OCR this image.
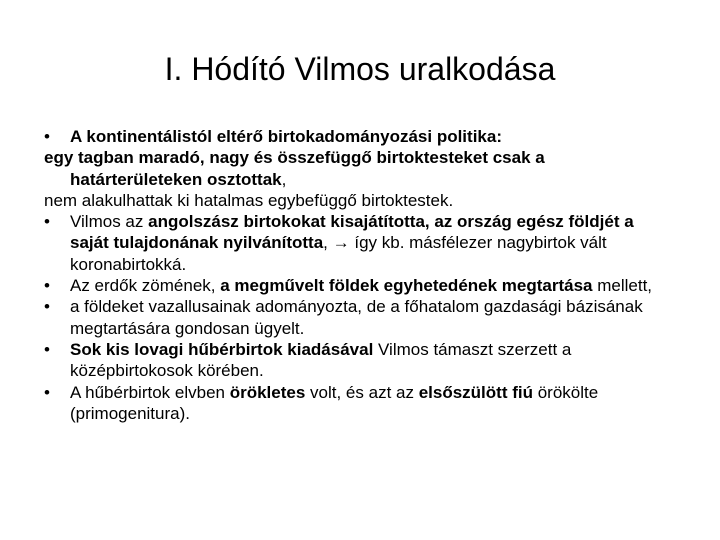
I. Hódító Vilmos uralkodása
• A kontinentálistól eltérő birtokadományozási politika:
egy tagban maradó, nagy és összefüggő birtoktesteket csak a határterületeken osztottak,
nem alakulhattak ki hatalmas egybefüggő birtoktestek.
• Vilmos az angolszász birtokokat kisajátította, az ország egész földjét a saját tulajdonának nyilvánította, → így kb. másfélezer nagybirtok vált koronabirtokká.
• Az erdők zömének, a megművelt földek egyhetedének megtartása mellett,
• a földeket vazallusainak adományozta, de a főhatalom gazdasági bázisának megtartására gondosan ügyelt.
• Sok kis lovagi hűbérbirtok kiadásával Vilmos támaszt szerzett a középbirtokosok körében.
• A hűbérbirtok elvben örökletes volt, és azt az elsőszülött fiú örökölte (primogenitura).
